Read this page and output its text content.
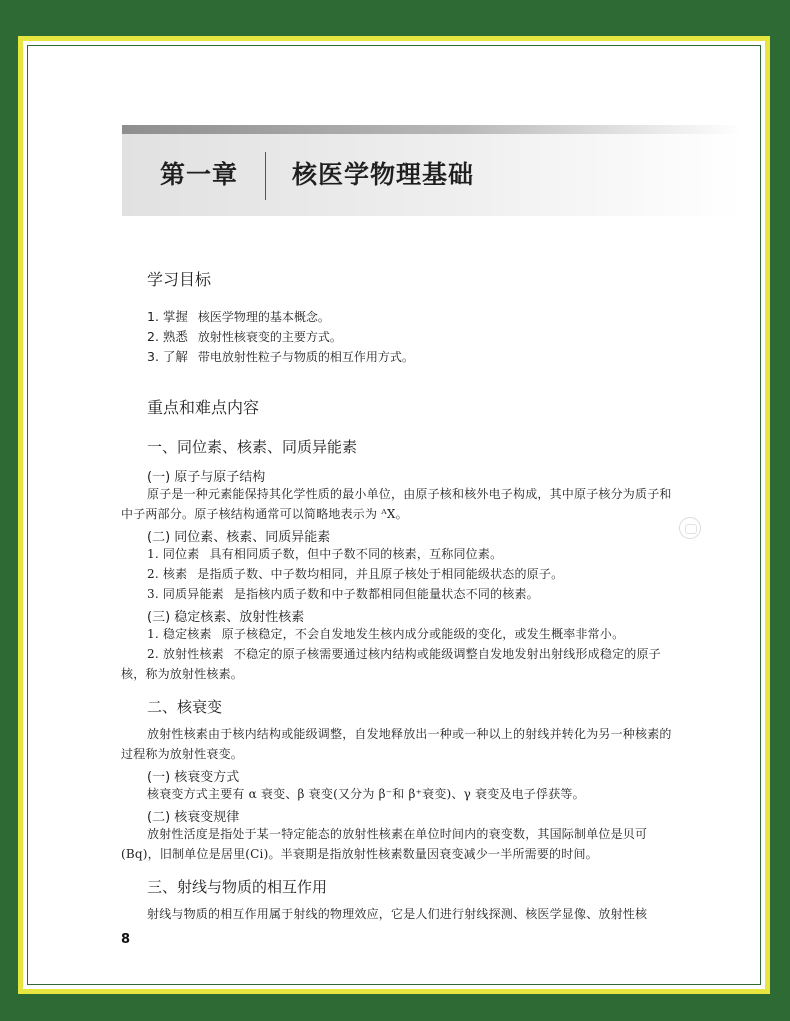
第一章 核医学物理基础
学习目标
1. 掌握 核医学物理的基本概念。
2. 熟悉 放射性核衰变的主要方式。
3. 了解 带电放射性粒子与物质的相互作用方式。
重点和难点内容
一、同位素、核素、同质异能素
(一) 原子与原子结构
原子是一种元素能保持其化学性质的最小单位，由原子核和核外电子构成，其中原子核分为质子和中子两部分。原子核结构通常可以简略地表示为 ᴬX。
(二) 同位素、核素、同质异能素
1. 同位素 具有相同质子数，但中子数不同的核素，互称同位素。
2. 核素 是指质子数、中子数均相同，并且原子核处于相同能级状态的原子。
3. 同质异能素 是指核内质子数和中子数都相同但能量状态不同的核素。
(三) 稳定核素、放射性核素
1. 稳定核素 原子核稳定，不会自发地发生核内成分或能级的变化，或发生概率非常小。
2. 放射性核素 不稳定的原子核需要通过核内结构或能级调整自发地发射出射线形成稳定的原子核，称为放射性核素。
二、核衰变
放射性核素由于核内结构或能级调整，自发地释放出一种或一种以上的射线并转化为另一种核素的过程称为放射性衰变。
(一) 核衰变方式
核衰变方式主要有 α 衰变、β 衰变(又分为 β⁻和 β⁺衰变)、γ 衰变及电子俘获等。
(二) 核衰变规律
放射性活度是指处于某一特定能态的放射性核素在单位时间内的衰变数，其国际制单位是贝可(Bq)，旧制单位是居里(Ci)。半衰期是指放射性核素数量因衰变减少一半所需要的时间。
三、射线与物质的相互作用
射线与物质的相互作用属于射线的物理效应，它是人们进行射线探测、核医学显像、放射性核
8
